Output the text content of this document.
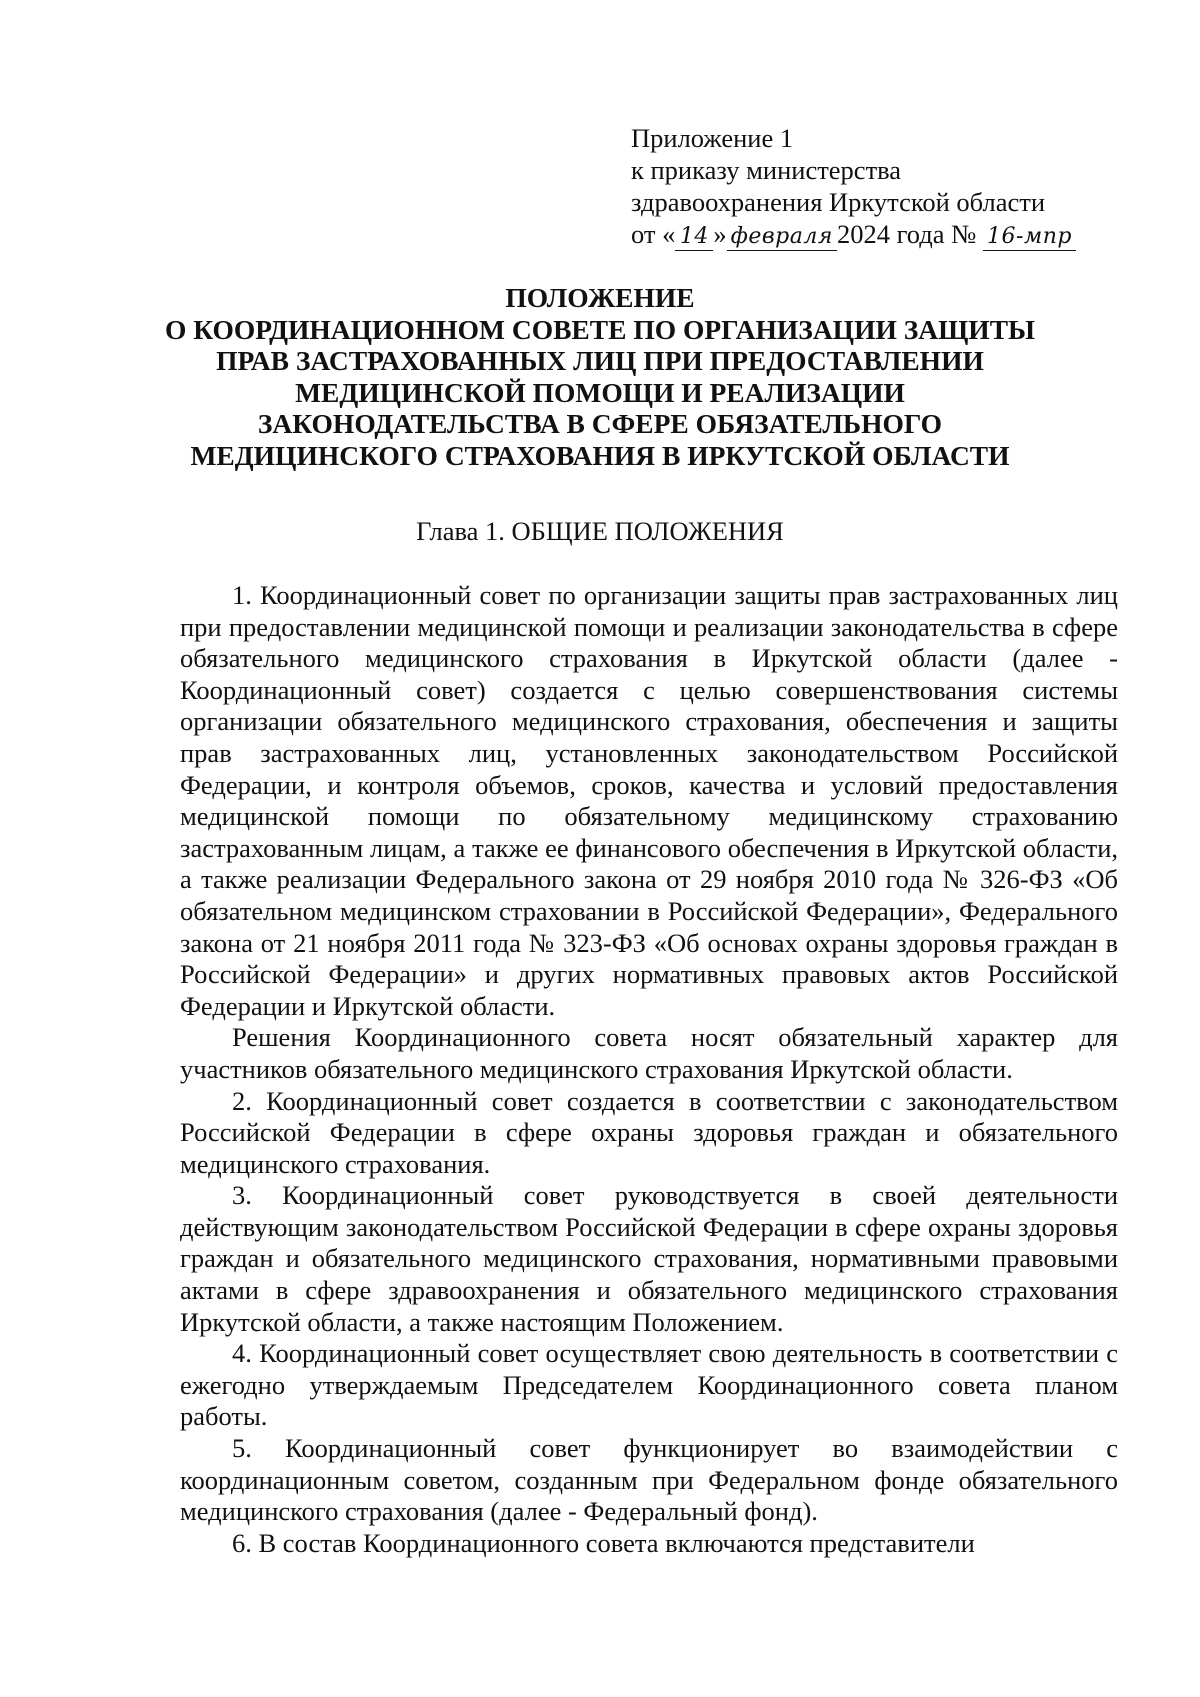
Приложение 1
к приказу министерства
здравоохранения Иркутской области
от « 14 » февраля 2024 года № 16-мпр
ПОЛОЖЕНИЕ
О КООРДИНАЦИОННОМ СОВЕТЕ ПО ОРГАНИЗАЦИИ ЗАЩИТЫ
ПРАВ ЗАСТРАХОВАННЫХ ЛИЦ ПРИ ПРЕДОСТАВЛЕНИИ
МЕДИЦИНСКОЙ ПОМОЩИ И РЕАЛИЗАЦИИ
ЗАКОНОДАТЕЛЬСТВА В СФЕРЕ ОБЯЗАТЕЛЬНОГО
МЕДИЦИНСКОГО СТРАХОВАНИЯ В ИРКУТСКОЙ ОБЛАСТИ
Глава 1. ОБЩИЕ ПОЛОЖЕНИЯ

1. Координационный совет по организации защиты прав застрахованных лиц при предоставлении медицинской помощи и реализации законодательства в сфере обязательного медицинского страхования в Иркутской области (далее - Координационный совет) создается с целью совершенствования системы организации обязательного медицинского страхования, обеспечения и защиты прав застрахованных лиц, установленных законодательством Российской Федерации, и контроля объемов, сроков, качества и условий предоставления медицинской помощи по обязательному медицинскому страхованию застрахованным лицам, а также ее финансового обеспечения в Иркутской области, а также реализации Федерального закона от 29 ноября 2010 года № 326-ФЗ «Об обязательном медицинском страховании в Российской Федерации», Федерального закона от 21 ноября 2011 года № 323-ФЗ «Об основах охраны здоровья граждан в Российской Федерации» и других нормативных правовых актов Российской Федерации и Иркутской области.

Решения Координационного совета носят обязательный характер для участников обязательного медицинского страхования Иркутской области.

2. Координационный совет создается в соответствии с законодательством Российской Федерации в сфере охраны здоровья граждан и обязательного медицинского страхования.

3. Координационный совет руководствуется в своей деятельности действующим законодательством Российской Федерации в сфере охраны здоровья граждан и обязательного медицинского страхования, нормативными правовыми актами в сфере здравоохранения и обязательного медицинского страхования Иркутской области, а также настоящим Положением.

4. Координационный совет осуществляет свою деятельность в соответствии с ежегодно утверждаемым Председателем Координационного совета планом работы.

5. Координационный совет функционирует во взаимодействии с координационным советом, созданным при Федеральном фонде обязательного медицинского страхования (далее - Федеральный фонд).

6. В состав Координационного совета включаются представители
